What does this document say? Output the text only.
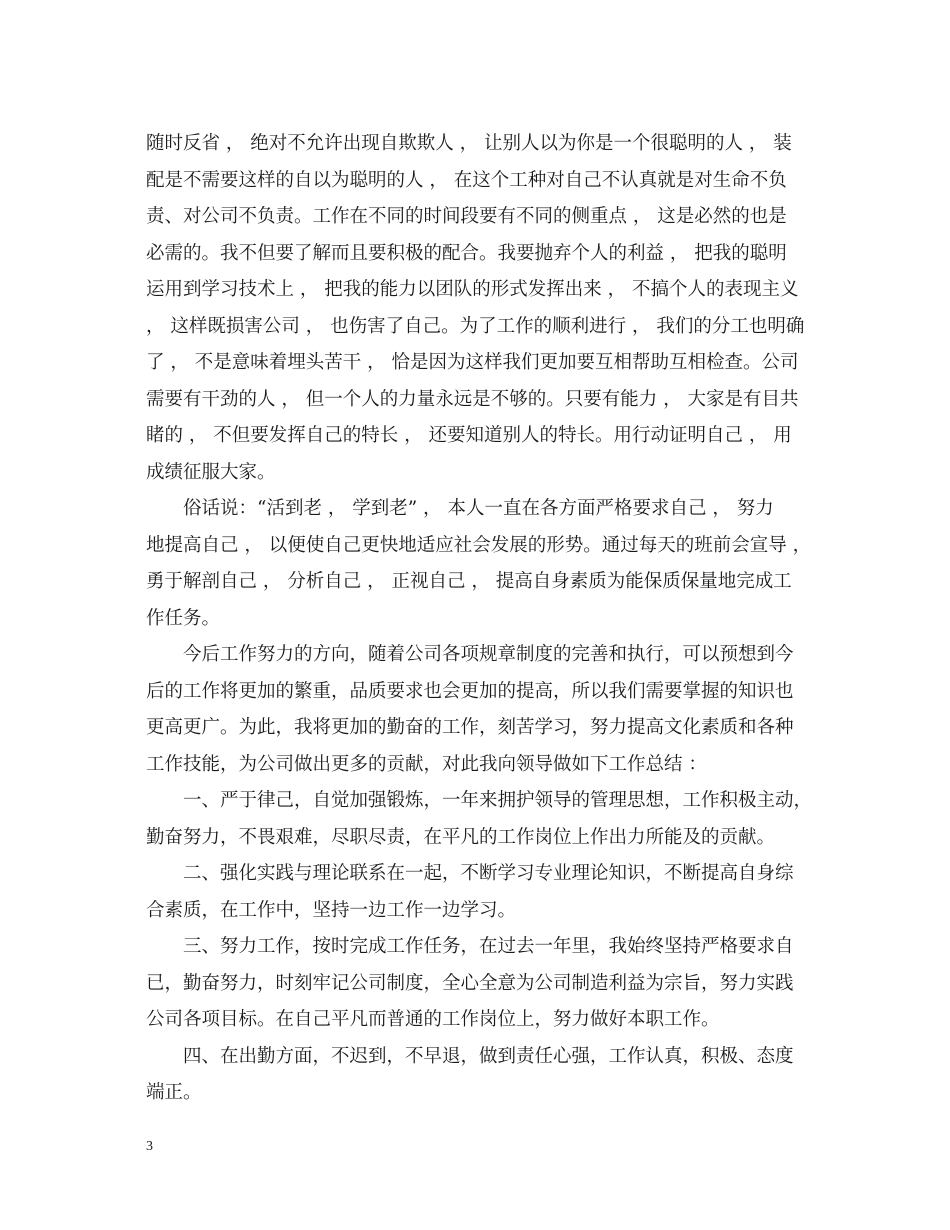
随时反省 ， 绝对不允许出现自欺欺人 ， 让别人以为你是一个很聪明的人 ， 装
配是不需要这样的自以为聪明的人 ， 在这个工种对自己不认真就是对生命不负
责、对公司不负责。工作在不同的时间段要有不同的侧重点 ， 这是必然的也是
必需的。我不但要了解而且要积极的配合。我要抛弃个人的利益 ， 把我的聪明
运用到学习技术上 ， 把我的能力以团队的形式发挥出来 ， 不搞个人的表现主义
， 这样既损害公司 ， 也伤害了自己。为了工作的顺利进行 ， 我们的分工也明确
了 ， 不是意味着埋头苦干 ， 恰是因为这样我们更加要互相帮助互相检查。公司
需要有干劲的人 ， 但一个人的力量永远是不够的。只要有能力 ， 大家是有目共
睹的 ， 不但要发挥自己的特长 ， 还要知道别人的特长。用行动证明自己 ， 用
成绩征服大家。
俗话说：“活到老 ， 学到老” ， 本人一直在各方面严格要求自己 ， 努力
地提高自己 ， 以便使自己更快地适应社会发展的形势。通过每天的班前会宣导 ，
勇于解剖自己 ， 分析自己 ， 正视自己 ， 提高自身素质为能保质保量地完成工
作任务。
今后工作努力的方向，随着公司各项规章制度的完善和执行，可以预想到今
后的工作将更加的繁重，品质要求也会更加的提高，所以我们需要掌握的知识也
更高更广。为此，我将更加的勤奋的工作，刻苦学习，努力提高文化素质和各种
工作技能，为公司做出更多的贡献，对此我向领导做如下工作总结 ：
一、严于律己，自觉加强锻炼，一年来拥护领导的管理思想，工作积极主动，
勤奋努力，不畏艰难，尽职尽责，在平凡的工作岗位上作出力所能及的贡献。
二、强化实践与理论联系在一起，不断学习专业理论知识，不断提高自身综
合素质，在工作中，坚持一边工作一边学习。
三、努力工作，按时完成工作任务，在过去一年里，我始终坚持严格要求自
已，勤奋努力，时刻牢记公司制度，全心全意为公司制造利益为宗旨，努力实践
公司各项目标。在自己平凡而普通的工作岗位上，努力做好本职工作。
四、在出勤方面，不迟到，不早退，做到责任心强，工作认真，积极、态度
端正。
3
